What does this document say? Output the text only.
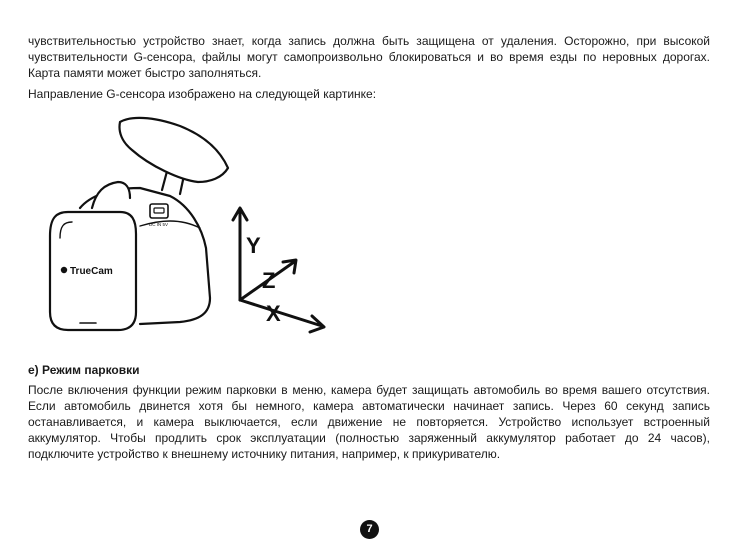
чувствительностью устройство знает, когда запись должна быть защищена от удаления. Осторожно, при высокой чувствительности G-сенсора, файлы могут самопроизвольно блокироваться и во время езды по неровных дорогах. Карта памяти может быстро заполняться.
Направление G-сенсора изображено на следующей картинке:
DC IN 5V
TrueCam
Y
Z
X
e) Режим парковки
После включения функции режим парковки в меню, камера будет защищать автомобиль во время вашего отсутствия. Если автомобиль двинется хотя бы немного, камера автоматически начинает запись. Через 60 секунд запись останавливается, и камера выключается, если движение не повторяется. Устройство использует встроенный аккумулятор. Чтобы продлить срок эксплуатации (полностью заряженный аккумулятор работает до 24 часов), подключите устройство к внешнему источнику питания, например, к прикуривателю.
7
